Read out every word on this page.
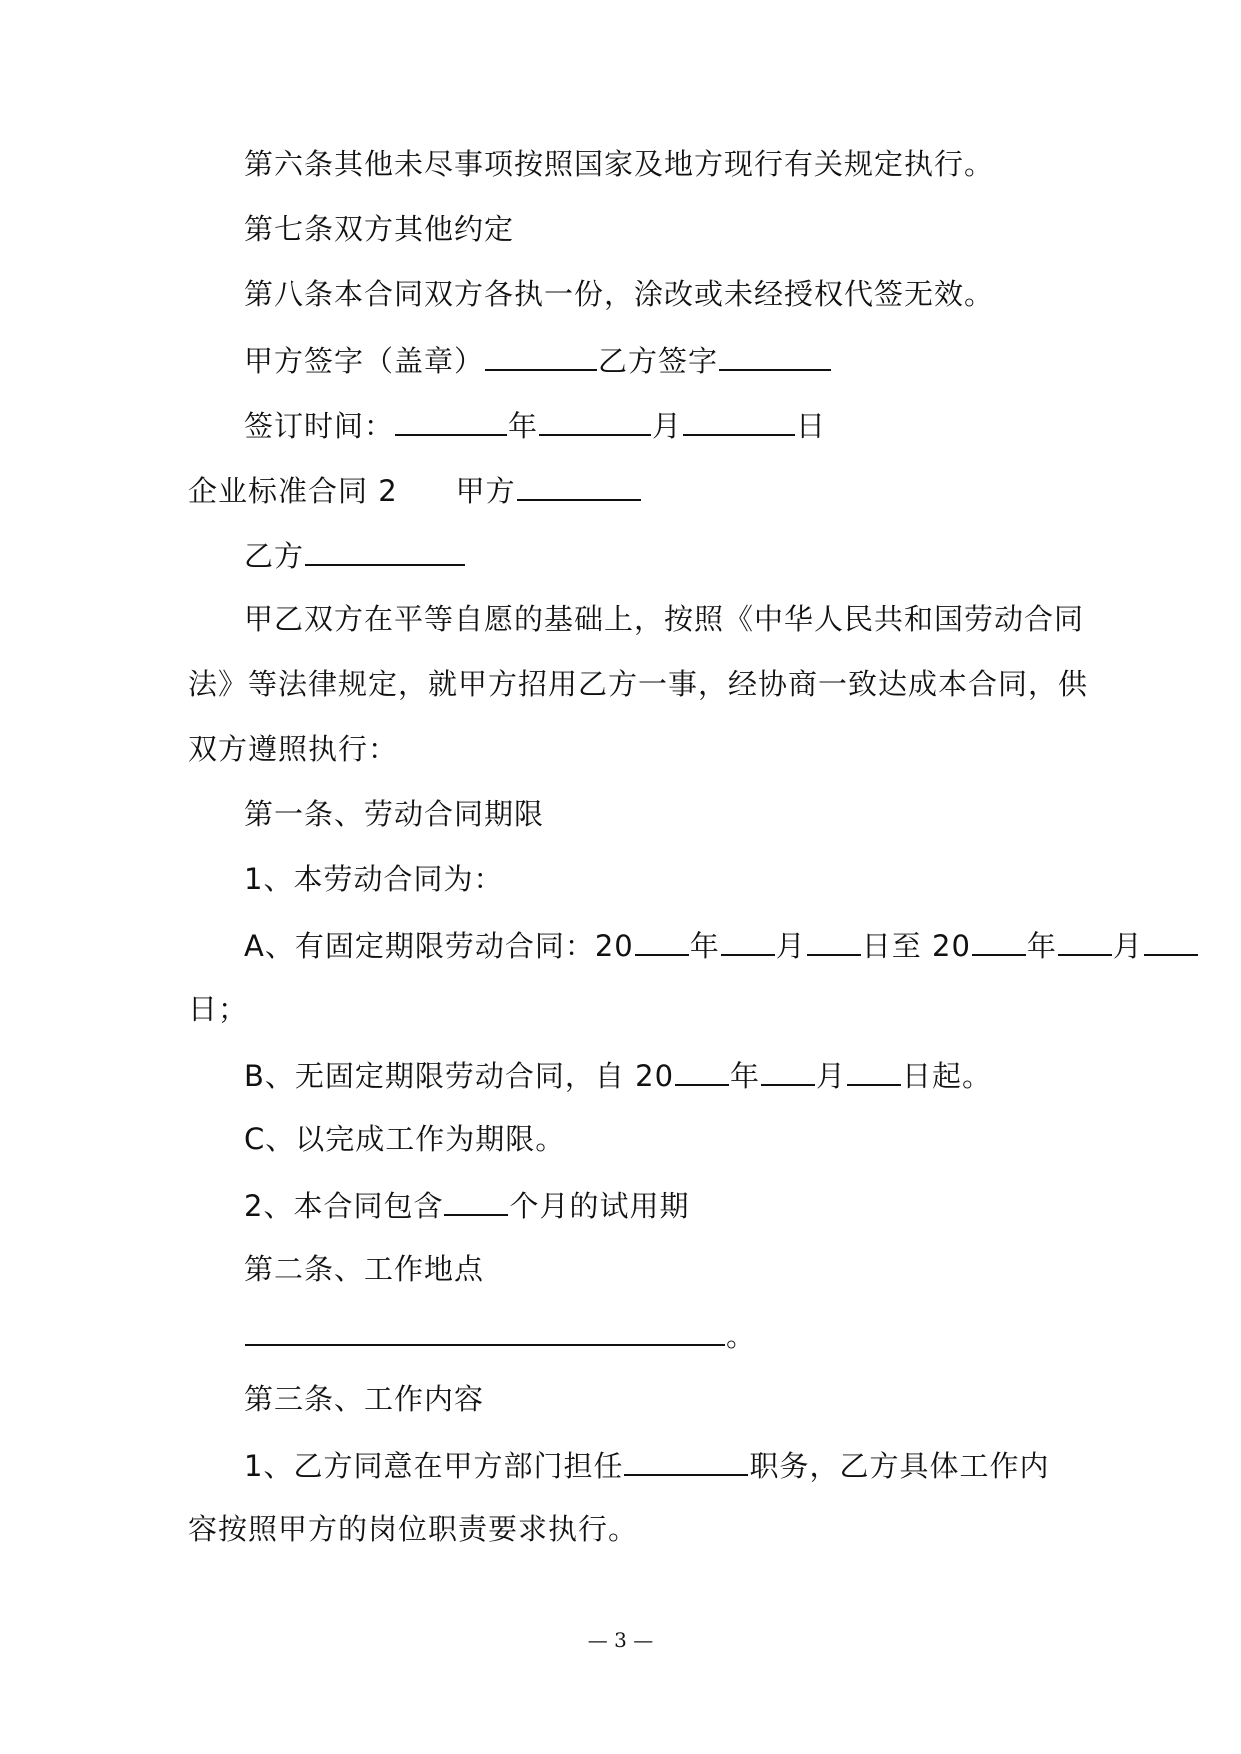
第六条其他未尽事项按照国家及地方现行有关规定执行。
第七条双方其他约定
第八条本合同双方各执一份，涂改或未经授权代签无效。
甲方签字（盖章）	乙方签字
签订时间：	年	月	日
企业标准合同 2 甲方
乙方
甲乙双方在平等自愿的基础上，按照《中华人民共和国劳动合同
法》等法律规定，就甲方招用乙方一事，经协商一致达成本合同，供
双方遵照执行：
第一条、劳动合同期限
1、本劳动合同为：
A、有固定期限劳动合同：20 年 月 日至 20 年 月
日；
B、无固定期限劳动合同，自 20 年 月 日起。
C、以完成工作为期限。
2、本合同包含 个月的试用期
第二条、工作地点
。
第三条、工作内容
1、乙方同意在甲方部门担任	职务，乙方具体工作内
容按照甲方的岗位职责要求执行。
— 3 —
